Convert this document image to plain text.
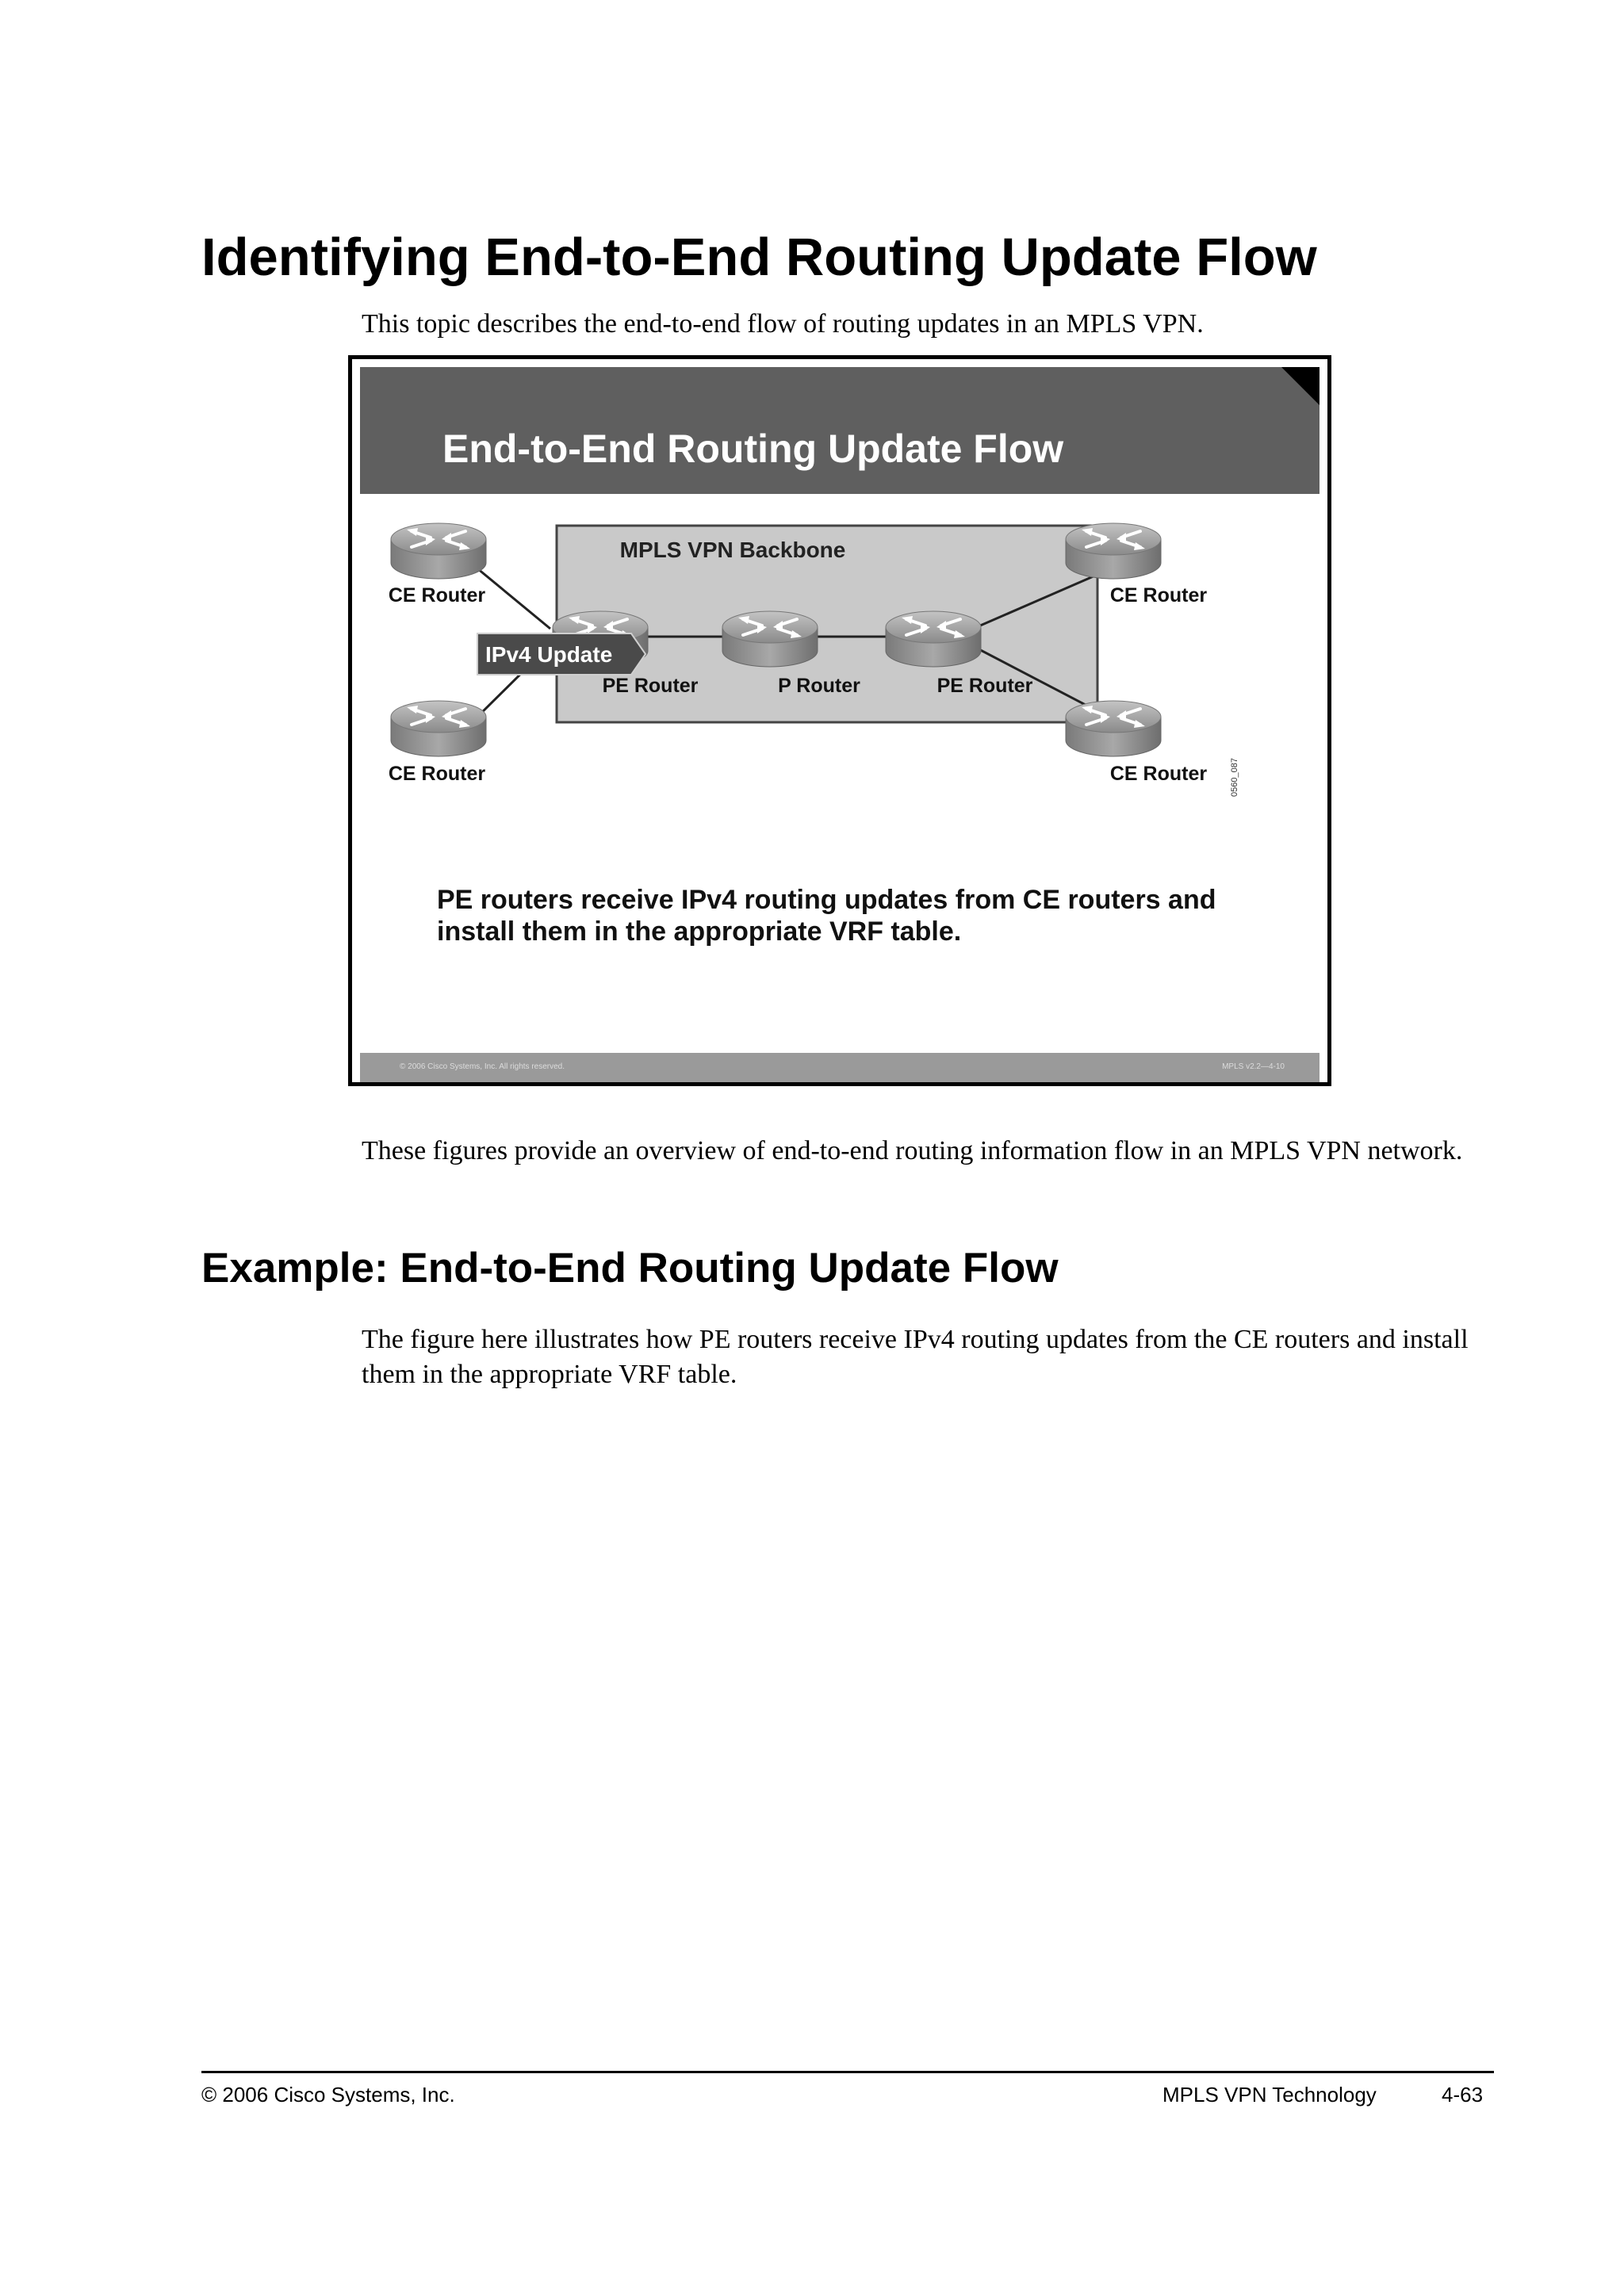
Identifying End-to-End Routing Update Flow

This topic describes the end-to-end flow of routing updates in an MPLS VPN.

End-to-End Routing Update Flow
MPLS VPN Backbone
CE Router
CE Router
PE Router	P Router	PE Router
CE Router
CE Router
IPv4 Update
0560_087

PE routers receive IPv4 routing updates from CE routers and install them in the appropriate VRF table.

© 2006 Cisco Systems, Inc. All rights reserved.	MPLS v2.2—4-10

These figures provide an overview of end-to-end routing information flow in an MPLS VPN network.

Example: End-to-End Routing Update Flow

The figure here illustrates how PE routers receive IPv4 routing updates from the CE routers and install them in the appropriate VRF table.

© 2006 Cisco Systems, Inc.	MPLS VPN Technology	4-63
